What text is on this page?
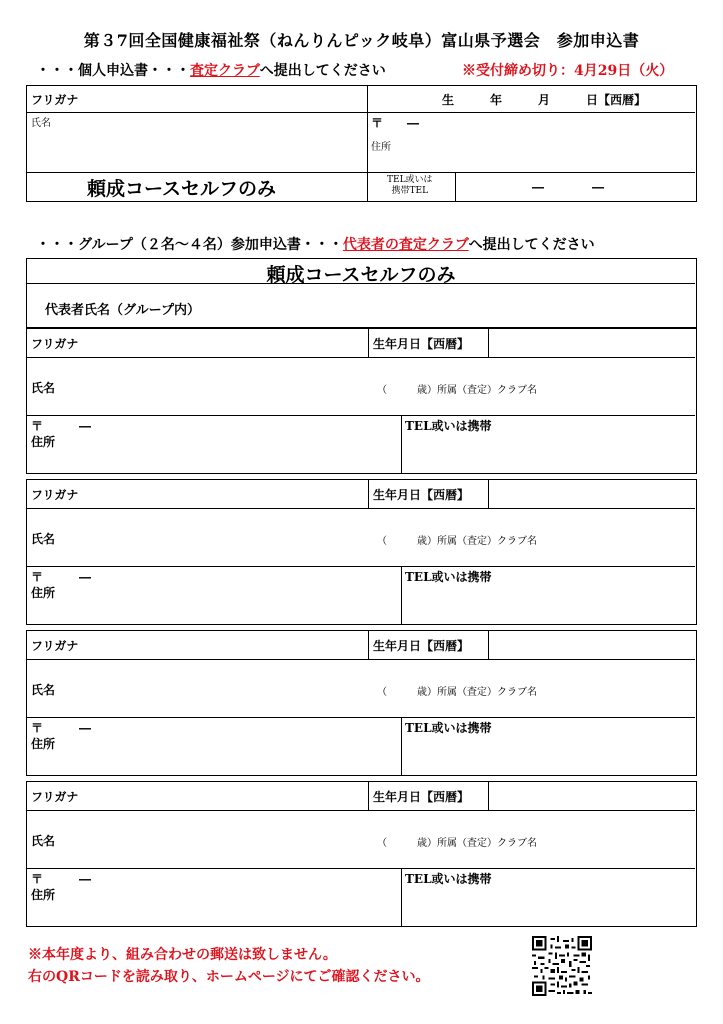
第３7回全国健康福祉祭（ねんりんピック岐阜）富山県予選会　参加申込書
・・・個人申込書・・・査定クラブへ提出してください	※受付締め切り：4月29日（火）
フリガナ	生　　　年　　　月　　　日【西暦】
氏名	〒　　―
住所
頼成コースセルフのみ	TEL或いは
携帯TEL	―　　　　―
・・・グループ（２名～４名）参加申込書・・・代表者の査定クラブへ提出してください
頼成コースセルフのみ
代表者氏名（グループ内）
フリガナ	生年月日【西暦】
氏名	（　　　歳）所属（査定）クラブ名
〒　　　―
住所
TEL或いは携帯
フリガナ	生年月日【西暦】
氏名	（　　　歳）所属（査定）クラブ名
〒　　　―
住所
TEL或いは携帯
フリガナ	生年月日【西暦】
氏名	（　　　歳）所属（査定）クラブ名
〒　　　―
住所
TEL或いは携帯
フリガナ	生年月日【西暦】
氏名	（　　　歳）所属（査定）クラブ名
〒　　　―
住所
TEL或いは携帯
※本年度より、組み合わせの郵送は致しません。
右のQRコードを読み取り、ホームページにてご確認ください。
